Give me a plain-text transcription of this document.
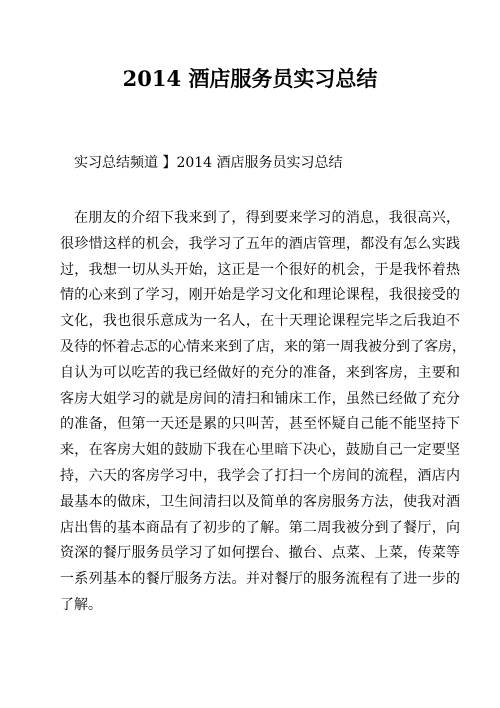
2014 酒店服务员实习总结
实习总结频道 】2014 酒店服务员实习总结
在朋友的介绍下我来到了，得到要来学习的消息，我很高兴，
很珍惜这样的机会，我学习了五年的酒店管理，都没有怎么实践
过，我想一切从头开始，这正是一个很好的机会，于是我怀着热
情的心来到了学习，刚开始是学习文化和理论课程，我很接受的
文化，我也很乐意成为一名人，在十天理论课程完毕之后我迫不
及待的怀着忐忑的心情来来到了店，来的第一周我被分到了客房，
自认为可以吃苦的我已经做好的充分的准备，来到客房，主要和
客房大姐学习的就是房间的清扫和铺床工作，虽然已经做了充分
的准备，但第一天还是累的只叫苦，甚至怀疑自己能不能坚持下
来，在客房大姐的鼓励下我在心里暗下决心，鼓励自己一定要坚
持，六天的客房学习中，我学会了打扫一个房间的流程，酒店内
最基本的做床，卫生间清扫以及简单的客房服务方法，使我对酒
店出售的基本商品有了初步的了解。第二周我被分到了餐厅，向
资深的餐厅服务员学习了如何摆台、撤台、点菜、上菜，传菜等
一系列基本的餐厅服务方法。并对餐厅的服务流程有了进一步的
了解。
